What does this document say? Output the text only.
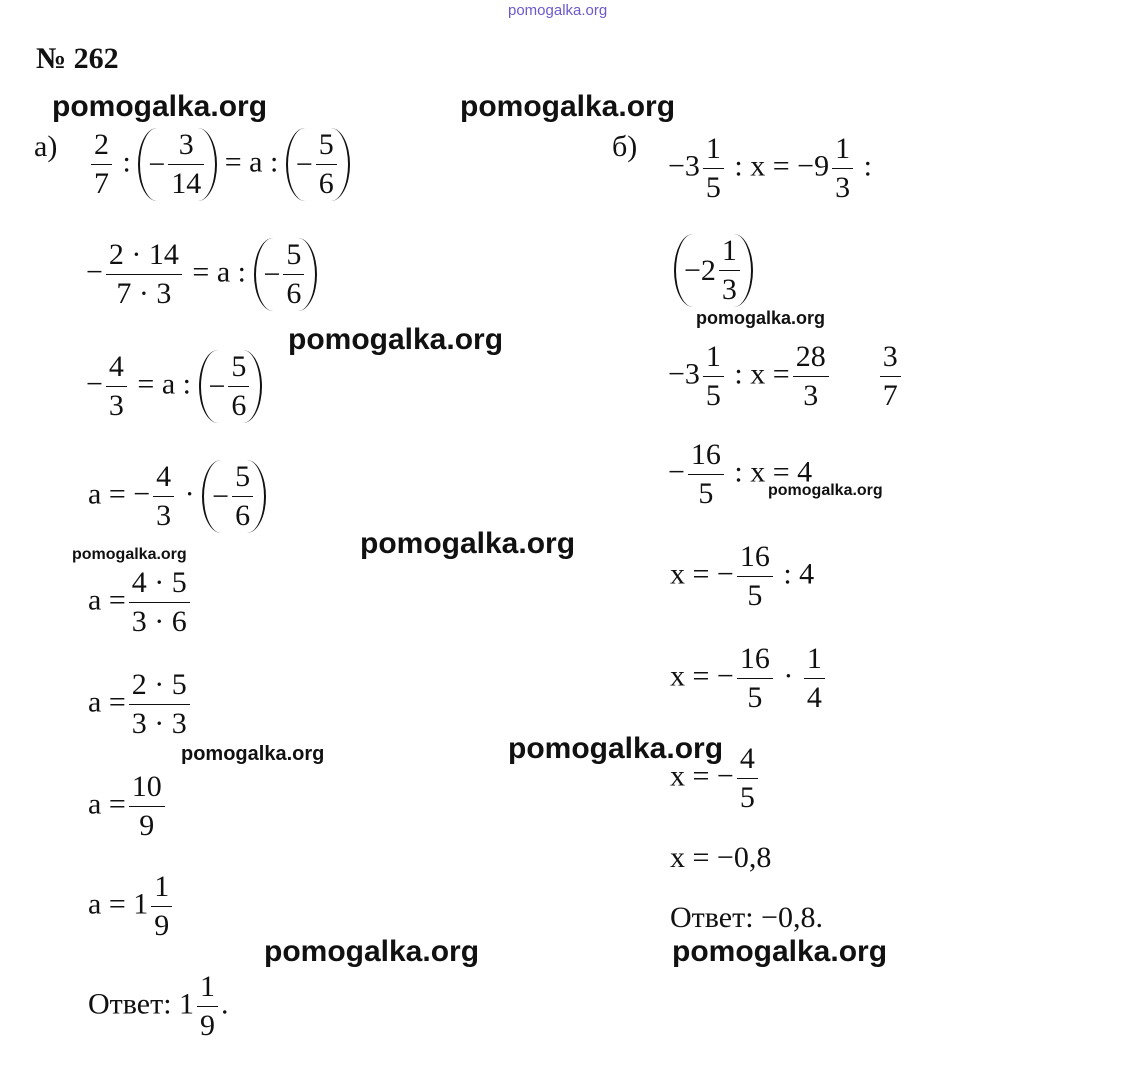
pomogalka.org
pomogalka.org	pomogalka.org
pomogalka.org
pomogalka.org
pomogalka.org
pomogalka.org
pomogalka.org
pomogalka.org
pomogalka.org
pomogalka.org	pomogalka.org
№ 262
$а) \frac{2}{7}$ : − $\frac{3}{14} = a$ : − $\frac{5}{6}$
− $\frac{2 \cdot 14}{7 \cdot 3} = a$ : − $\frac{5}{6}$
− $\frac{4}{3} = a$ : − $\frac{5}{6}$
a = − $\frac{4}{3}$ · − $\frac{5}{6}$
$a = \frac{4 \cdot 5}{3 \cdot 6}$
$a = \frac{2 \cdot 5}{3 \cdot 3}$
$a = \frac{10}{9}$
$a = 1 \frac{1}{9}$
Ответ: $1 \frac{1}{9}$ .
б)
$-3 \frac{1}{5}$ : $x = -9 \frac{1}{3}$ :
$-2 \frac{1}{3}$
$-3 \frac{1}{5}$ : $x = \frac{28}{3}$
$\frac{3}{7}$
− $\frac{16}{5}$ : x = 4
x = − $\frac{16}{5}$ : 4
x = − $\frac{16}{5} \cdot \frac{1}{4}$
x = − $\frac{4}{5}$
x = −0,8
Ответ: −0,8.
